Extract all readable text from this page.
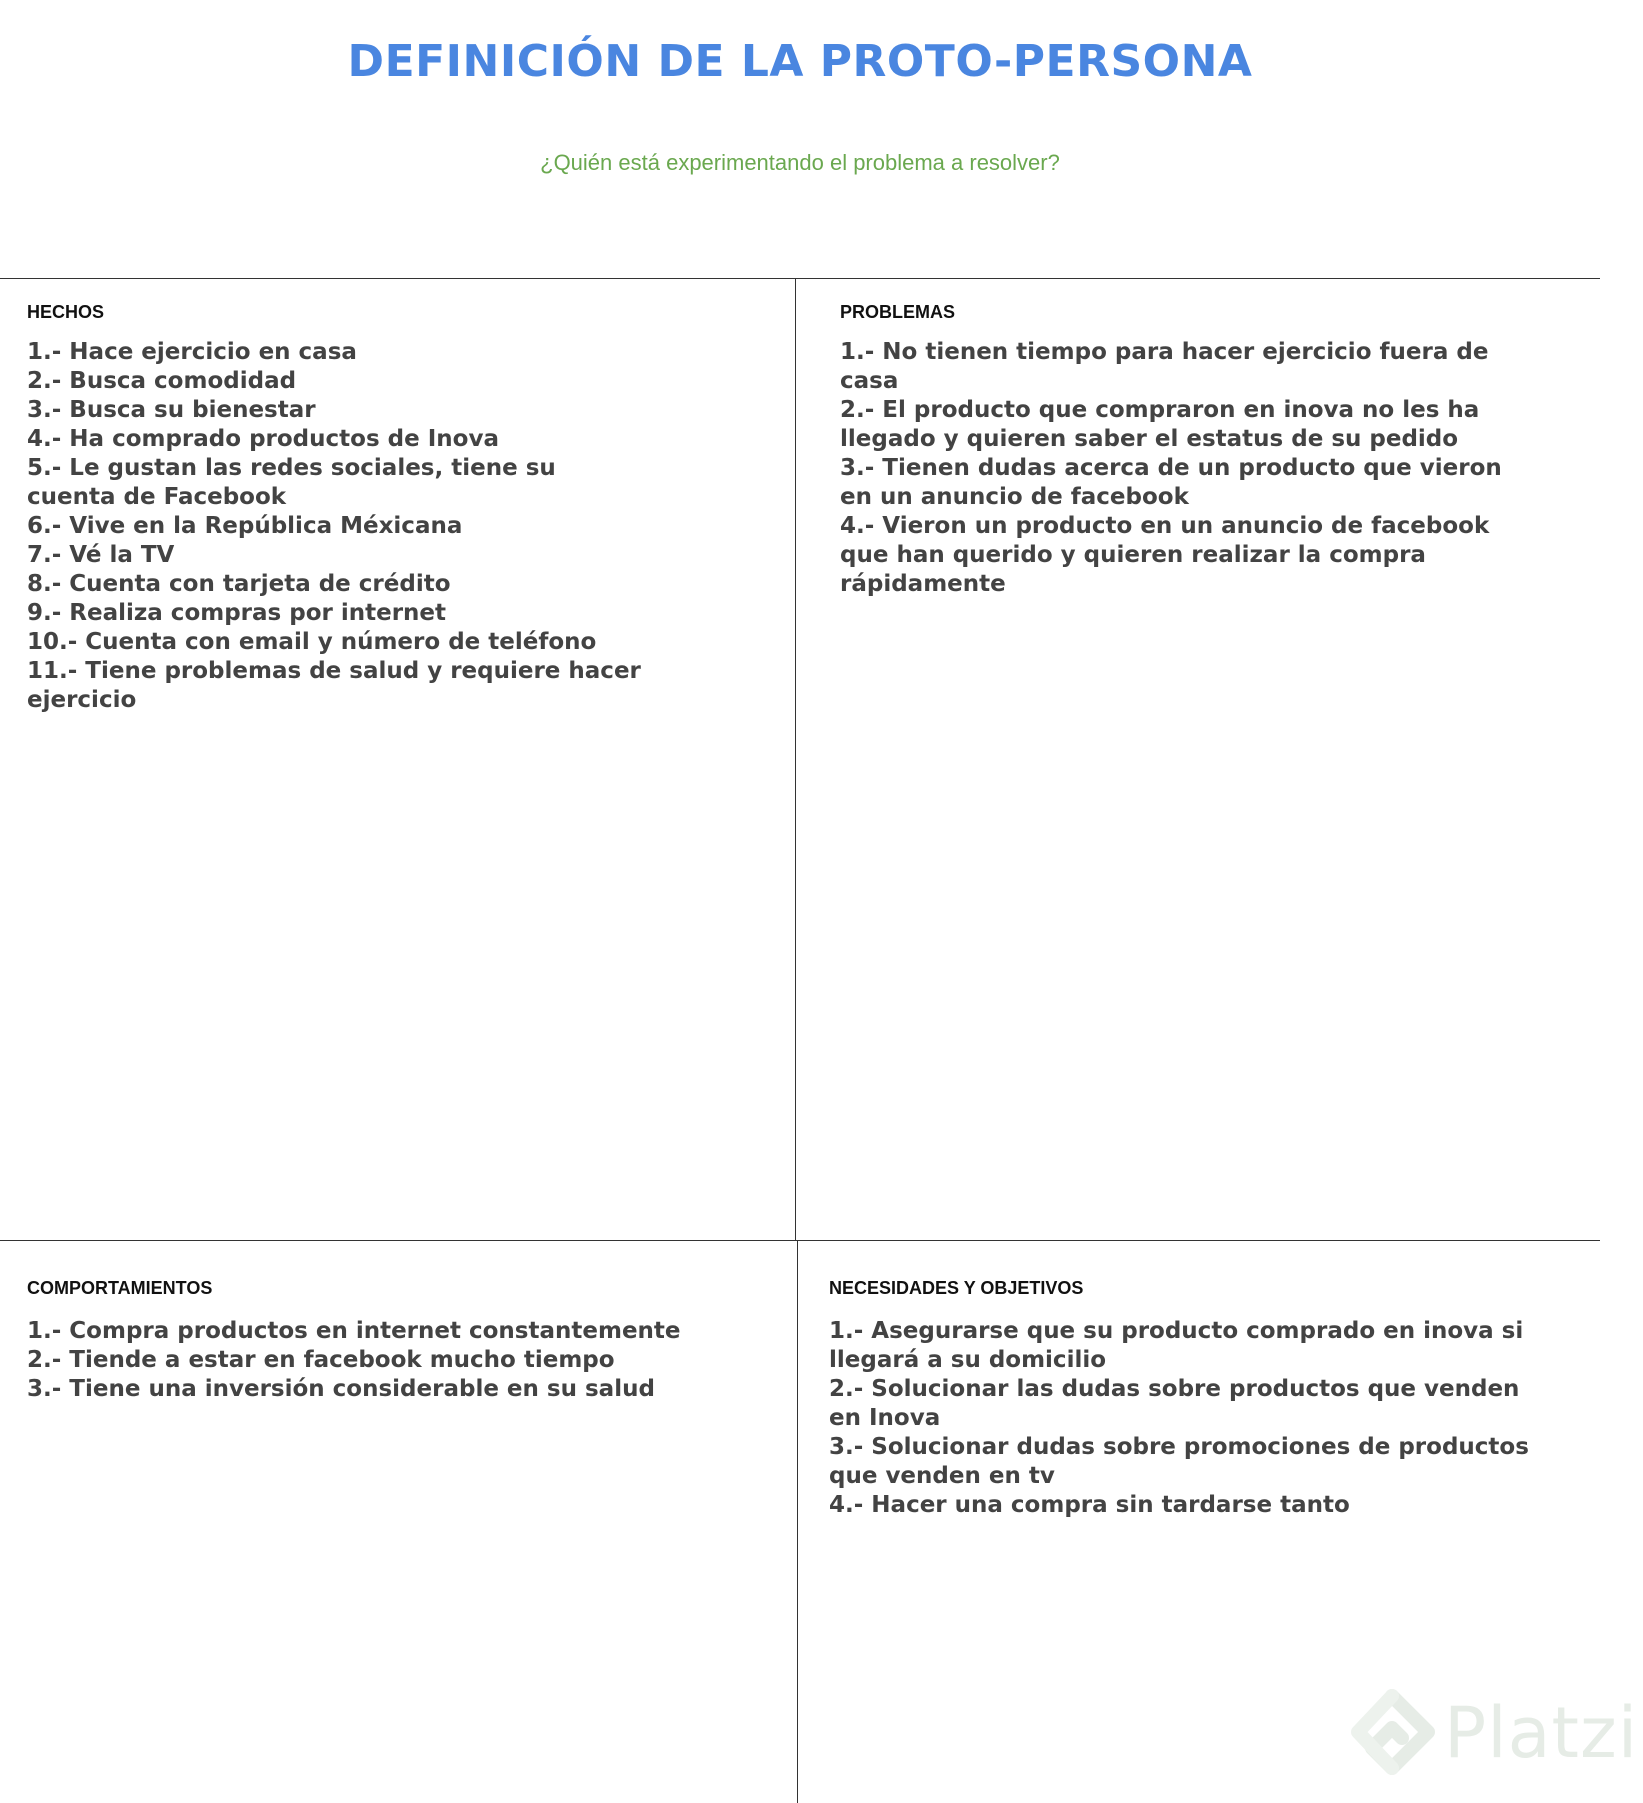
DEFINICIÓN DE LA PROTO-PERSONA

¿Quién está experimentando el problema a resolver?

HECHOS
1.- Hace ejercicio en casa
2.- Busca comodidad
3.- Busca su bienestar
4.- Ha comprado productos de Inova
5.- Le gustan las redes sociales, tiene su cuenta de Facebook
6.- Vive en la República Méxicana
7.- Vé la TV
8.- Cuenta con tarjeta de crédito
9.- Realiza compras por internet
10.- Cuenta con email y número de teléfono
11.- Tiene problemas de salud y requiere hacer ejercicio
PROBLEMAS
1.- No tienen tiempo para hacer ejercicio fuera de casa
2.- El producto que compraron en inova no les ha llegado y quieren saber el estatus de su pedido
3.- Tienen dudas acerca de un producto que vieron en un anuncio de facebook
4.- Vieron un producto en un anuncio de facebook que han querido y quieren realizar la compra rápidamente
COMPORTAMIENTOS
1.- Compra productos en internet constantemente
2.- Tiende a estar en facebook mucho tiempo
3.- Tiene una inversión considerable en su salud
NECESIDADES Y OBJETIVOS
1.- Asegurarse que su producto comprado en inova si llegará a su domicilio
2.- Solucionar las dudas sobre productos que venden en Inova
3.- Solucionar dudas sobre promociones de productos que venden en tv
4.- Hacer una compra sin tardarse tanto
Platzi
